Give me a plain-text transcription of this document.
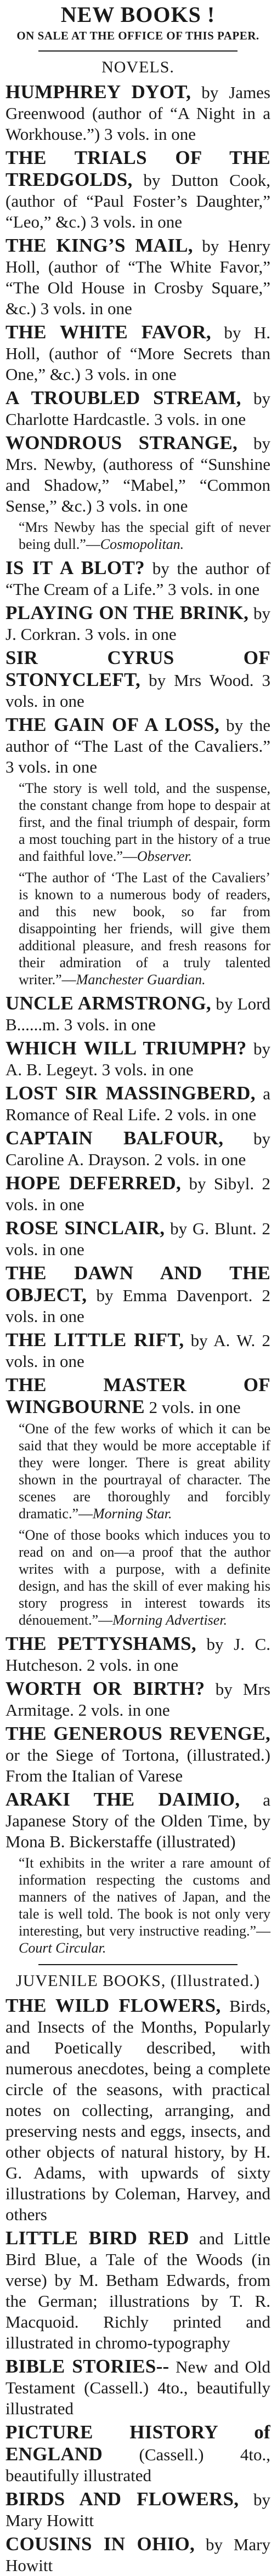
NEW BOOKS !
ON SALE AT THE OFFICE OF THIS PAPER.
NOVELS.

HUMPHREY DYOT, by James Greenwood (author of “A Night in a Workhouse.”) 3 vols. in one

THE TRIALS OF THE TREDGOLDS, by Dutton Cook, (author of “Paul Foster’s Daughter,” “Leo,” &c.) 3 vols. in one

THE KING’S MAIL, by Henry Holl, (author of “The White Favor,” “The Old House in Crosby Square,” &c.) 3 vols. in one

THE WHITE FAVOR, by H. Holl, (author of “More Secrets than One,” &c.) 3 vols. in one

A TROUBLED STREAM, by Charlotte Hardcastle. 3 vols. in one

WONDROUS STRANGE, by Mrs. Newby, (authoress of “Sunshine and Shadow,” “Mabel,” “Common Sense,” &c.) 3 vols. in one

“Mrs Newby has the special gift of never being dull.”—Cosmopolitan.

IS IT A BLOT? by the author of “The Cream of a Life.” 3 vols. in one

PLAYING ON THE BRINK, by J. Corkran. 3 vols. in one

SIR CYRUS OF STONYCLEFT, by Mrs Wood. 3 vols. in one

THE GAIN OF A LOSS, by the author of “The Last of the Cavaliers.” 3 vols. in one

“The story is well told, and the suspense, the constant change from hope to despair at first, and the final triumph of despair, form a most touching part in the history of a true and faithful love.”—Observer.
“The author of ‘The Last of the Cavaliers’ is known to a numerous body of readers, and this new book, so far from disappointing her friends, will give them additional pleasure, and fresh reasons for their admiration of a truly talented writer.”—Manchester Guardian.

UNCLE ARMSTRONG, by Lord B......m. 3 vols. in one

WHICH WILL TRIUMPH? by A. B. Legeyt. 3 vols. in one

LOST SIR MASSINGBERD, a Romance of Real Life. 2 vols. in one

CAPTAIN BALFOUR, by Caroline A. Drayson. 2 vols. in one

HOPE DEFERRED, by Sibyl. 2 vols. in one

ROSE SINCLAIR, by G. Blunt. 2 vols. in one

THE DAWN AND THE OBJECT, by Emma Davenport. 2 vols. in one

THE LITTLE RIFT, by A. W. 2 vols. in one

THE MASTER OF WINGBOURNE 2 vols. in one

“One of the few works of which it can be said that they would be more acceptable if they were longer. There is great ability shown in the pourtrayal of character. The scenes are thoroughly and forcibly dramatic.”—Morning Star.
“One of those books which induces you to read on and on—a proof that the author writes with a purpose, with a definite design, and has the skill of ever making his story progress in interest towards its dénouement.”—Morning Advertiser.

THE PETTYSHAMS, by J. C. Hutcheson. 2 vols. in one

WORTH OR BIRTH? by Mrs Armitage. 2 vols. in one

THE GENEROUS REVENGE, or the Siege of Tortona, (illustrated.) From the Italian of Varese

ARAKI THE DAIMIO, a Japanese Story of the Olden Time, by Mona B. Bickerstaffe (illustrated)

“It exhibits in the writer a rare amount of information respecting the customs and manners of the natives of Japan, and the tale is well told. The book is not only very interesting, but very instructive reading.”—Court Circular.
JUVENILE BOOKS, (Illustrated.)

THE WILD FLOWERS, Birds, and Insects of the Months, Popularly and Poetically described, with numerous anecdotes, being a complete circle of the seasons, with practical notes on collecting, arranging, and preserving nests and eggs, insects, and other objects of natural history, by H. G. Adams, with upwards of sixty illustrations by Coleman, Harvey, and others

LITTLE BIRD RED and Little Bird Blue, a Tale of the Woods (in verse) by M. Betham Edwards, from the German; illustrations by T. R. Macquoid. Richly printed and illustrated in chromo-typography

BIBLE STORIES-- New and Old Testament (Cassell.) 4to., beautifully illustrated

PICTURE HISTORY of ENGLAND (Cassell.) 4to., beautifully illustrated

BIRDS AND FLOWERS, by Mary Howitt

COUSINS IN OHIO, by Mary Howitt
